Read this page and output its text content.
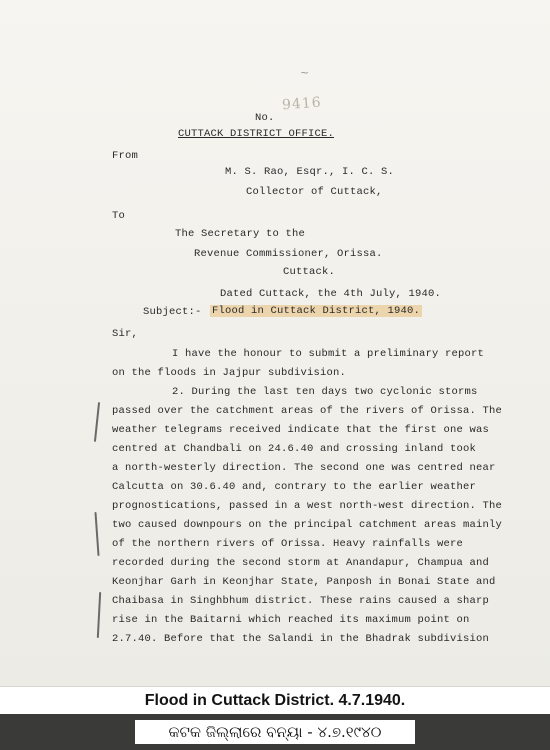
~
9416
No.
CUTTACK DISTRICT OFFICE.
From
M. S. Rao, Esqr., I. C. S.
Collector of Cuttack,
To
The Secretary to the
Revenue Commissioner, Orissa.
Cuttack.
Dated Cuttack, the 4th July, 1940.
Subject:- Flood in Cuttack District, 1940.
Sir,
I have the honour to submit a preliminary report
on the floods in Jajpur subdivision.
2. During the last ten days two cyclonic storms
passed over the catchment areas of the rivers of Orissa. The
weather telegrams received indicate that the first one was
centred at Chandbali on 24.6.40 and crossing inland took
a north-westerly direction. The second one was centred near
Calcutta on 30.6.40 and, contrary to the earlier weather
prognostications, passed in a west north-west direction. The
two caused downpours on the principal catchment areas mainly
of the northern rivers of Orissa. Heavy rainfalls were
recorded during the second storm at Anandapur, Champua and
Keonjhar Garh in Keonjhar State, Panposh in Bonai State and
Chaibasa in Singhbhum district. These rains caused a sharp
rise in the Baitarni which reached its maximum point on
2.7.40. Before that the Salandi in the Bhadrak subdivision
Flood in Cuttack District. 4.7.1940.
କଟକ ଜିଲ୍ଲାରେ ବନ୍ୟା - ୪.୭.୧୯୪୦
